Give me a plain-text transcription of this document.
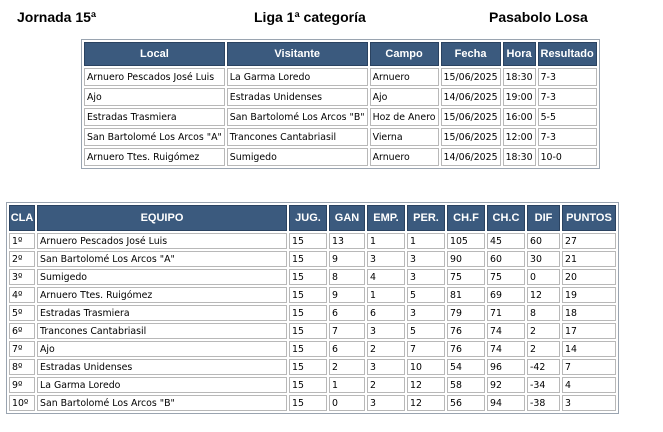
Jornada 15ª	Liga 1ª categoría	Pasabolo Losa
Local	Visitante	Campo	Fecha	Hora	Resultado
Arnuero Pescados José Luis	La Garma Loredo	Arnuero	15/06/2025	18:30	7-3
Ajo	Estradas Unidenses	Ajo	14/06/2025	19:00	7-3
Estradas Trasmiera	San Bartolomé Los Arcos "B"	Hoz de Anero	15/06/2025	16:00	5-5
San Bartolomé Los Arcos "A"	Trancones Cantabriasil	Vierna	15/06/2025	12:00	7-3
Arnuero Ttes. Ruigómez	Sumigedo	Arnuero	14/06/2025	18:30	10-0
CLA	EQUIPO	JUG.	GAN	EMP.	PER.	CH.F	CH.C	DIF	PUNTOS
1º	Arnuero Pescados José Luis	15	13	1	1	105	45	60	27
2º	San Bartolomé Los Arcos "A"	15	9	3	3	90	60	30	21
3º	Sumigedo	15	8	4	3	75	75	0	20
4º	Arnuero Ttes. Ruigómez	15	9	1	5	81	69	12	19
5º	Estradas Trasmiera	15	6	6	3	79	71	8	18
6º	Trancones Cantabriasil	15	7	3	5	76	74	2	17
7º	Ajo	15	6	2	7	76	74	2	14
8º	Estradas Unidenses	15	2	3	10	54	96	-42	7
9º	La Garma Loredo	15	1	2	12	58	92	-34	4
10º	San Bartolomé Los Arcos "B"	15	0	3	12	56	94	-38	3
